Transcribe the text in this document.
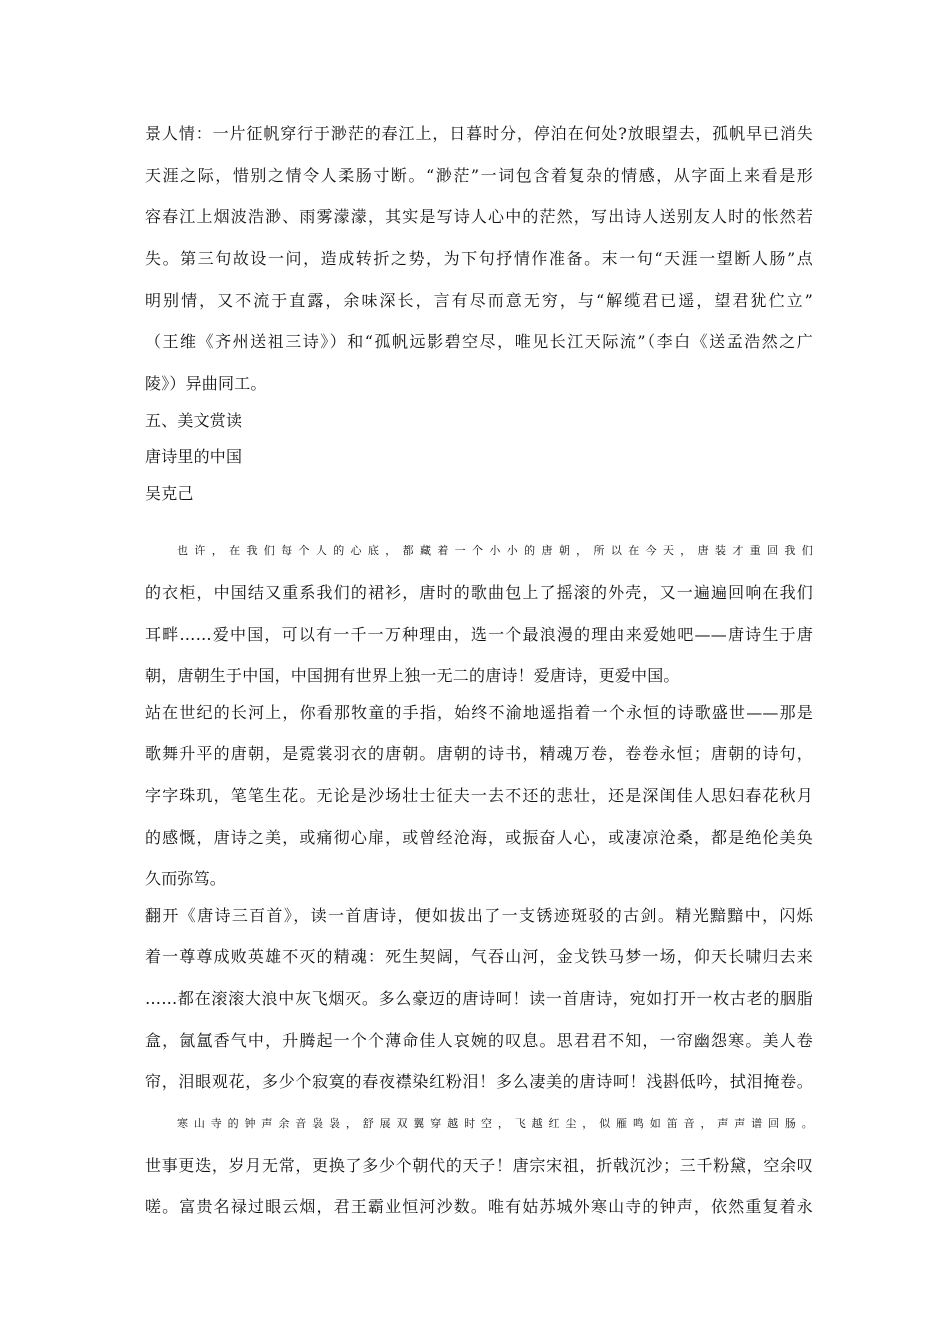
景人情：一片征帆穿行于渺茫的春江上，日暮时分，停泊在何处?放眼望去，孤帆早已消失
天涯之际，惜别之情令人柔肠寸断。“渺茫”一词包含着复杂的情感，从字面上来看是形
容春江上烟波浩渺、雨雾濛濛，其实是写诗人心中的茫然，写出诗人送别友人时的怅然若
失。第三句故设一问，造成转折之势，为下句抒情作准备。末一句“天涯一望断人肠”点
明别情，又不流于直露，余味深长，言有尽而意无穷，与“解缆君已遥，望君犹伫立”
（王维《齐州送祖三诗》）和“孤帆远影碧空尽，唯见长江天际流”（李白《送孟浩然之广
陵》）异曲同工。
五、美文赏读
唐诗里的中国
吴克己
也许，在我们每个人的心底，都藏着一个小小的唐朝，所以在今天，唐装才重回我们
的衣柜，中国结又重系我们的裙衫，唐时的歌曲包上了摇滚的外壳，又一遍遍回响在我们
耳畔……爱中国，可以有一千一万种理由，选一个最浪漫的理由来爱她吧——唐诗生于唐
朝，唐朝生于中国，中国拥有世界上独一无二的唐诗！爱唐诗，更爱中国。
站在世纪的长河上，你看那牧童的手指，始终不渝地遥指着一个永恒的诗歌盛世——那是
歌舞升平的唐朝，是霓裳羽衣的唐朝。唐朝的诗书，精魂万卷，卷卷永恒；唐朝的诗句，
字字珠玑，笔笔生花。无论是沙场壮士征夫一去不还的悲壮，还是深闺佳人思妇春花秋月
的感慨，唐诗之美，或痛彻心扉，或曾经沧海，或振奋人心，或凄凉沧桑，都是绝伦美奂
久而弥笃。
翻开《唐诗三百首》，读一首唐诗，便如拔出了一支锈迹斑驳的古剑。精光黯黯中，闪烁
着一尊尊成败英雄不灭的精魂：死生契阔，气吞山河，金戈铁马梦一场，仰天长啸归去来
……都在滚滚大浪中灰飞烟灭。多么豪迈的唐诗呵！读一首唐诗，宛如打开一枚古老的胭脂
盒，氤氲香气中，升腾起一个个薄命佳人哀婉的叹息。思君君不知，一帘幽怨寒。美人卷
帘，泪眼观花，多少个寂寞的春夜襟染红粉泪！多么凄美的唐诗呵！浅斟低吟，拭泪掩卷。
寒山寺的钟声余音袅袅，舒展双翼穿越时空，飞越红尘，似雁鸣如笛音，声声谱回肠。
世事更迭，岁月无常，更换了多少个朝代的天子！唐宗宋祖，折戟沉沙；三千粉黛，空余叹
嗟。富贵名禄过眼云烟，君王霸业恒河沙数。唯有姑苏城外寒山寺的钟声，依然重复着永
